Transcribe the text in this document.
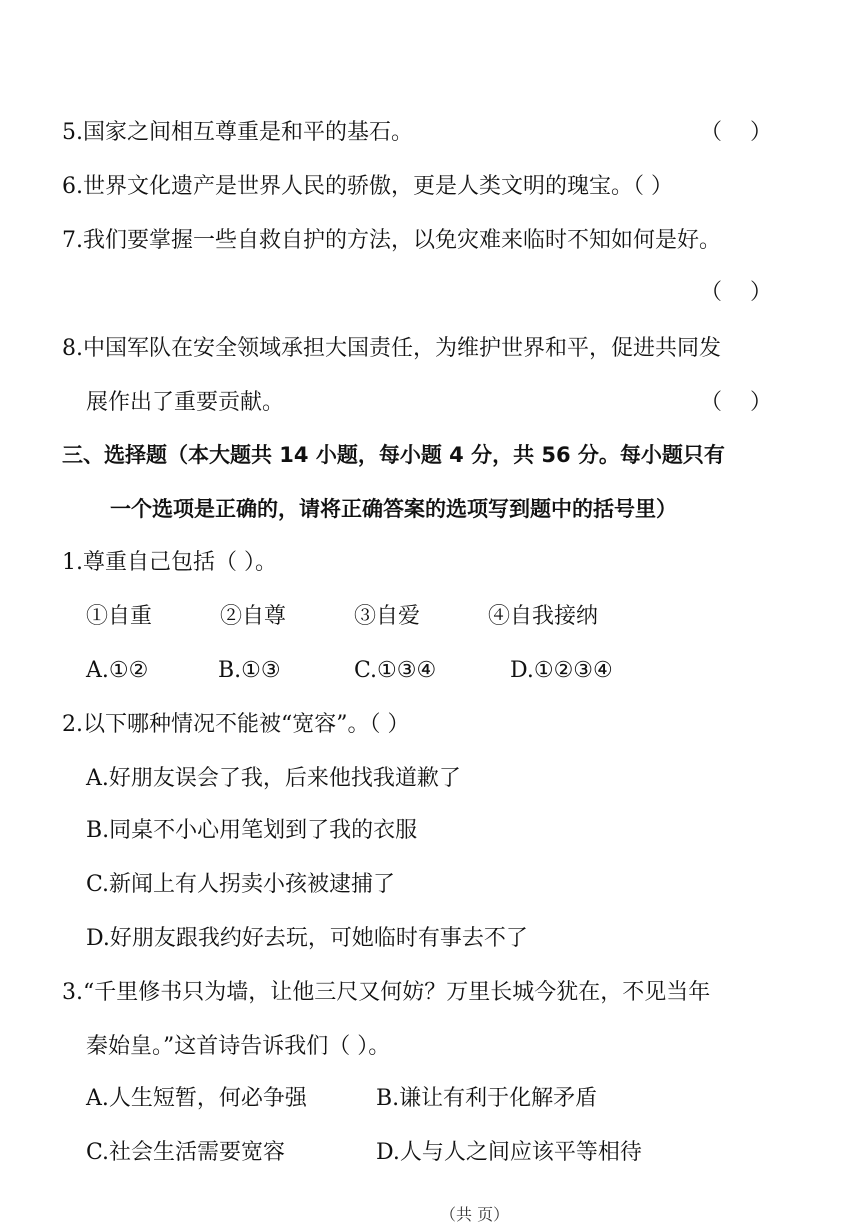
5.国家之间相互尊重是和平的基石。	（    ）
6.世界文化遗产是世界人民的骄傲，更是人类文明的瑰宝。（ ）
7.我们要掌握一些自救自护的方法，以免灾难来临时不知如何是好。
（    ）
8.中国军队在安全领域承担大国责任，为维护世界和平，促进共同发
展作出了重要贡献。	（    ）
三、选择题（本大题共 14 小题，每小题 4 分，共 56 分。每小题只有
一个选项是正确的，请将正确答案的选项写到题中的括号里）
1.尊重自己包括（ ）。
①自重	②自尊	③自爱	④自我接纳
A.①②	B.①③	C.①③④	D.①②③④
2.以下哪种情况不能被“宽容”。（ ）
A.好朋友误会了我，后来他找我道歉了
B.同桌不小心用笔划到了我的衣服
C.新闻上有人拐卖小孩被逮捕了
D.好朋友跟我约好去玩，可她临时有事去不了
3.“千里修书只为墙，让他三尺又何妨？万里长城今犹在，不见当年
秦始皇。”这首诗告诉我们（ ）。
A.人生短暂，何必争强	B.谦让有利于化解矛盾
C.社会生活需要宽容	D.人与人之间应该平等相待
（共 页）
